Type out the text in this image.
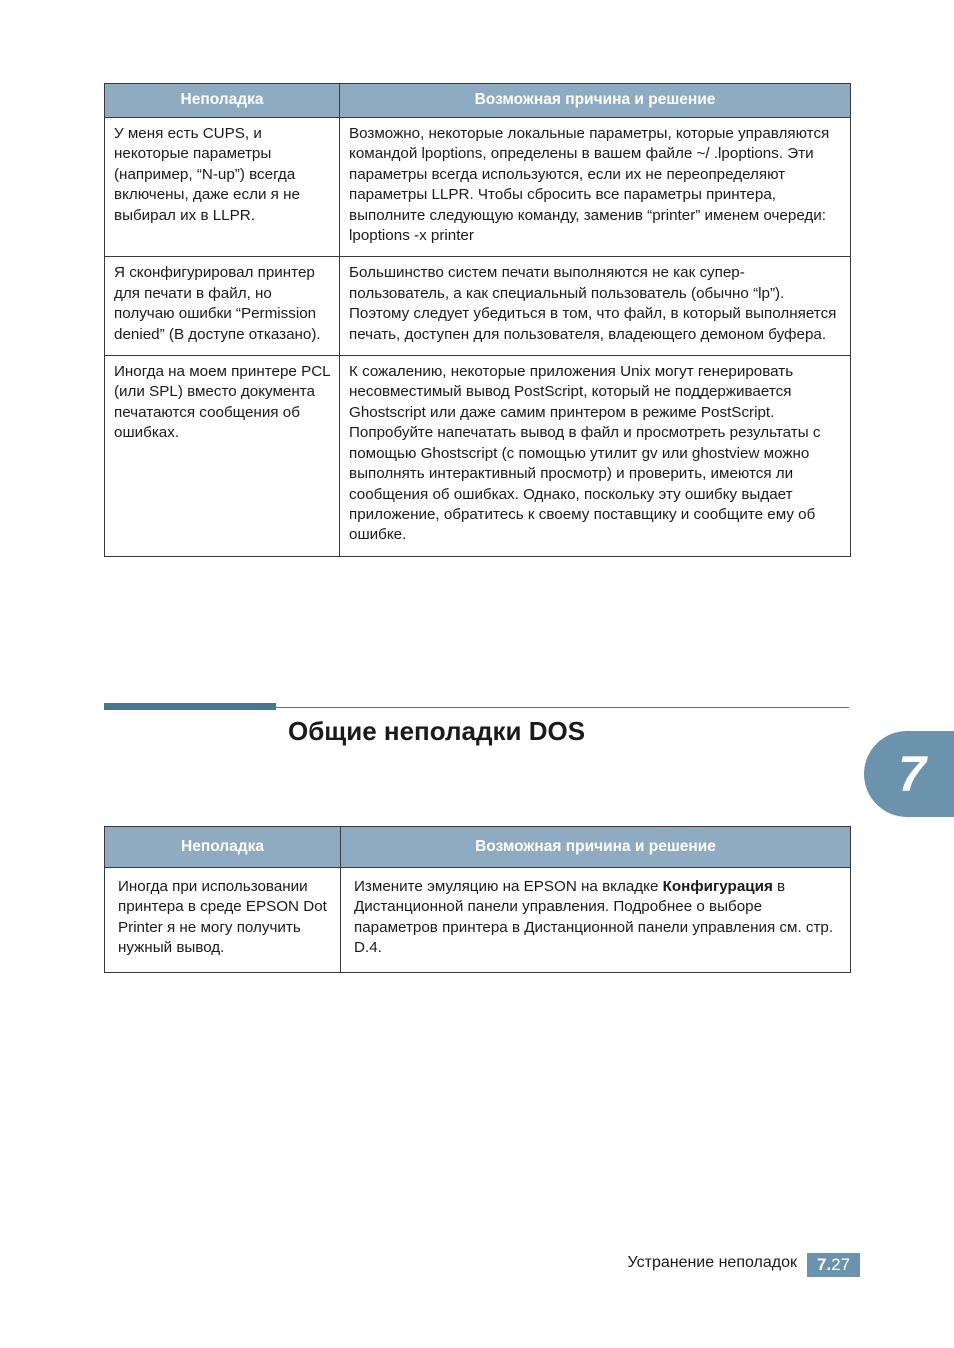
Неполадка	Возможная причина и решение
У меня есть CUPS, и некоторые параметры (например, “N-up”) всегда включены, даже если я не выбирал их в LLPR.	Возможно, некоторые локальные параметры, которые управляются командой lpoptions, определены в вашем файле ~/ .lpoptions. Эти параметры всегда используются, если их не переопределяют параметры LLPR. Чтобы сбросить все параметры принтера, выполните следующую команду, заменив “printer” именем очереди: lpoptions -x printer
Я сконфигурировал принтер для печати в файл, но получаю ошибки “Permission denied” (В доступе отказано).	Большинство систем печати выполняются не как супер-пользователь, а как специальный пользователь (обычно “lp”). Поэтому следует убедиться в том, что файл, в который выполняется печать, доступен для пользователя, владеющего демоном буфера.
Иногда на моем принтере PCL (или SPL) вместо документа печатаются сообщения об ошибках.	К сожалению, некоторые приложения Unix могут генерировать несовместимый вывод PostScript, который не поддерживается Ghostscript или даже самим принтером в режиме PostScript. Попробуйте напечатать вывод в файл и просмотреть результаты с помощью Ghostscript (с помощью утилит gv или ghostview можно выполнять интерактивный просмотр) и проверить, имеются ли сообщения об ошибках. Однако, поскольку эту ошибку выдает приложение, обратитесь к своему поставщику и сообщите ему об ошибке.
Общие неполадки DOS
7
Неполадка	Возможная причина и решение
Иногда при использовании принтера в среде EPSON Dot Printer я не могу получить нужный вывод.	Измените эмуляцию на EPSON на вкладке Конфигурация в Дистанционной панели управления. Подробнее о выборе параметров принтера в Дистанционной панели управления см. стр. D.4.
Устранение неполадок	7.27
